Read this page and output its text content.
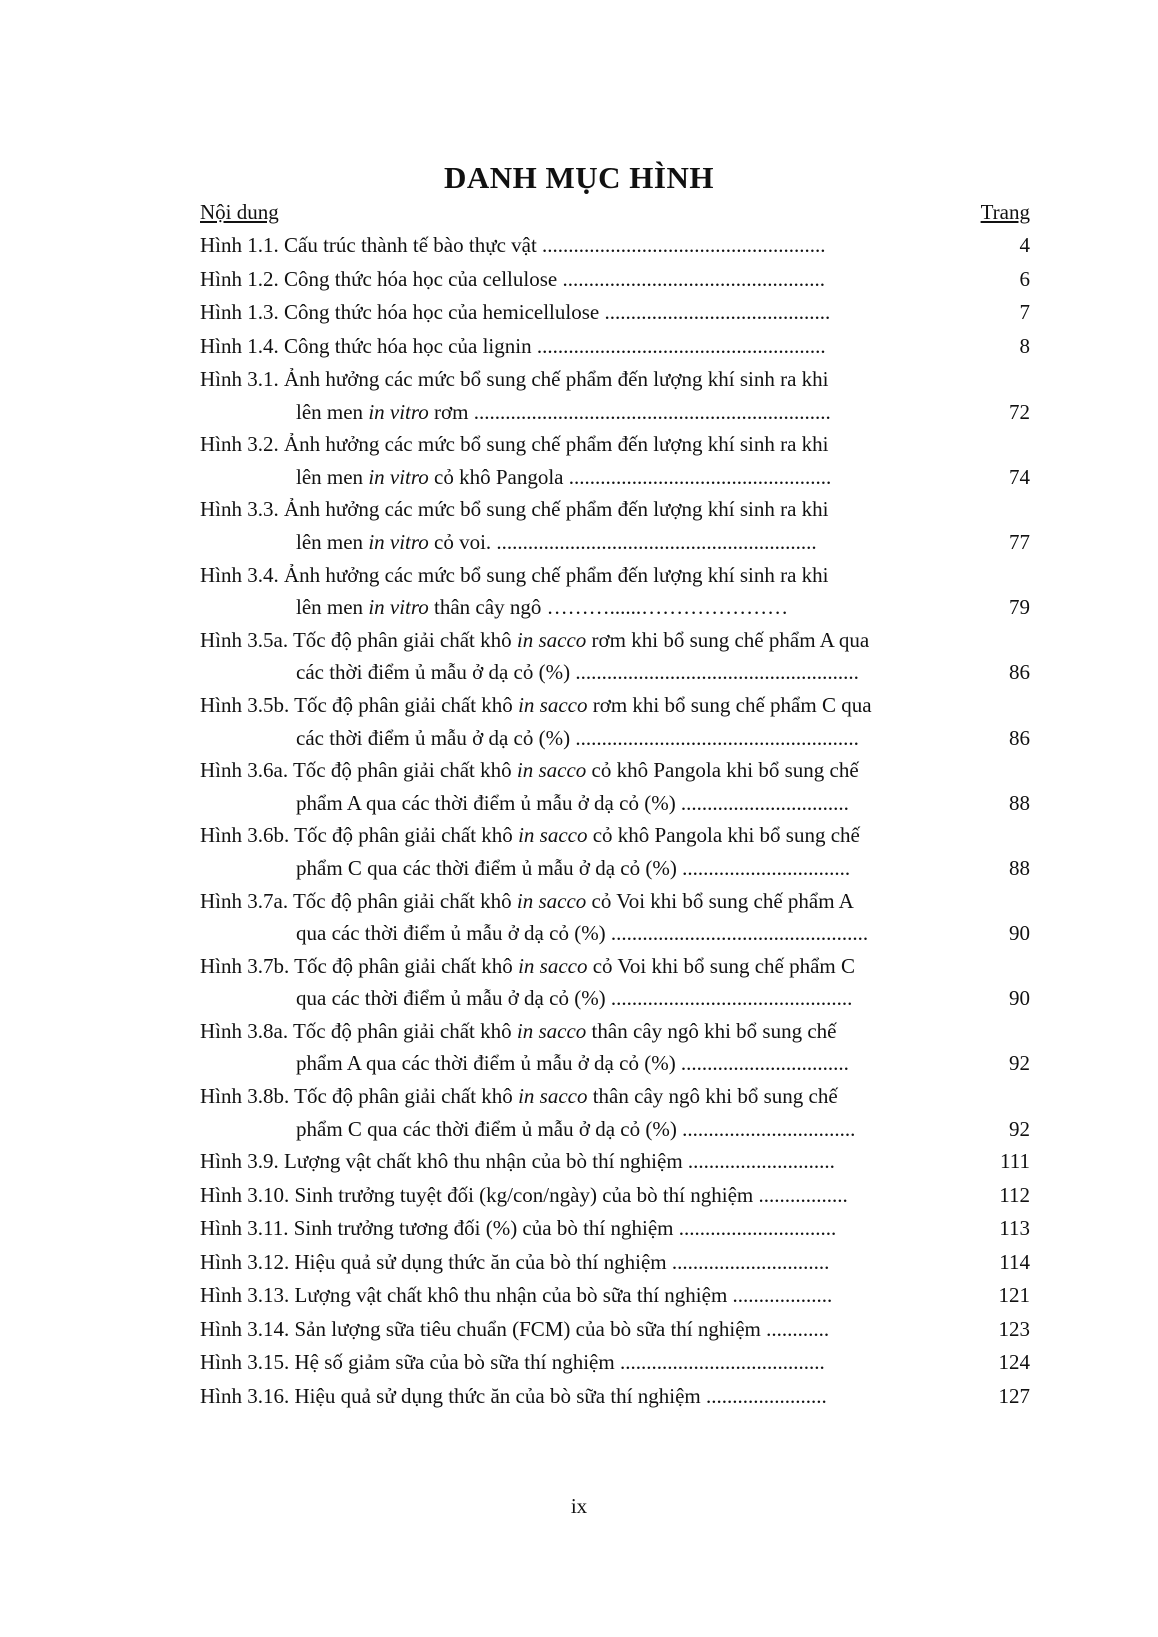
DANH MỤC HÌNH
Nội dung	Trang
Hình 1.1. Cấu trúc thành tế bào thực vật ......................................................	4
Hình 1.2. Công thức hóa học của cellulose ..................................................	6
Hình 1.3. Công thức hóa học của hemicellulose ...........................................	7
Hình 1.4. Công thức hóa học của lignin .......................................................	8
Hình 3.1. Ảnh hưởng các mức bổ sung chế phẩm đến lượng khí sinh ra khi
lên men in vitro rơm ....................................................................	72
Hình 3.2. Ảnh hưởng các mức bổ sung chế phẩm đến lượng khí sinh ra khi
lên men in vitro cỏ khô Pangola ..................................................	74
Hình 3.3. Ảnh hưởng các mức bổ sung chế phẩm đến lượng khí sinh ra khi
lên men in vitro cỏ voi. .............................................................	77
Hình 3.4. Ảnh hưởng các mức bổ sung chế phẩm đến lượng khí sinh ra khi
lên men in vitro thân cây ngô ………......…………………	79
Hình 3.5a. Tốc độ phân giải chất khô in sacco rơm khi bổ sung chế phẩm A qua
các thời điểm ủ mẫu ở dạ cỏ (%) ......................................................	86
Hình 3.5b. Tốc độ phân giải chất khô in sacco rơm khi bổ sung chế phẩm C qua
các thời điểm ủ mẫu ở dạ cỏ (%) ......................................................	86
Hình 3.6a. Tốc độ phân giải chất khô in sacco cỏ khô Pangola khi bổ sung chế
phẩm A qua các thời điểm ủ mẫu ở dạ cỏ (%) ................................	88
Hình 3.6b. Tốc độ phân giải chất khô in sacco cỏ khô Pangola khi bổ sung chế
phẩm C qua các thời điểm ủ mẫu ở dạ cỏ (%) ................................	88
Hình 3.7a. Tốc độ phân giải chất khô in sacco cỏ Voi khi bổ sung chế phẩm A
qua các thời điểm ủ mẫu ở dạ cỏ (%) .................................................	90
Hình 3.7b. Tốc độ phân giải chất khô in sacco cỏ Voi khi bổ sung chế phẩm C
qua các thời điểm ủ mẫu ở dạ cỏ (%) ..............................................	90
Hình 3.8a. Tốc độ phân giải chất khô in sacco thân cây ngô khi bổ sung chế
phẩm A qua các thời điểm ủ mẫu ở dạ cỏ (%) ................................	92
Hình 3.8b. Tốc độ phân giải chất khô in sacco thân cây ngô khi bổ sung chế
phẩm C qua các thời điểm ủ mẫu ở dạ cỏ (%) .................................	92
Hình 3.9. Lượng vật chất khô thu nhận của bò thí nghiệm ............................	111
Hình 3.10. Sinh trưởng tuyệt đối (kg/con/ngày) của bò thí nghiệm .................	112
Hình 3.11. Sinh trưởng tương đối (%) của bò thí nghiệm ..............................	113
Hình 3.12. Hiệu quả sử dụng thức ăn của bò thí nghiệm ..............................	114
Hình 3.13. Lượng vật chất khô thu nhận của bò sữa thí nghiệm ...................	121
Hình 3.14. Sản lượng sữa tiêu chuẩn (FCM) của bò sữa thí nghiệm ............	123
Hình 3.15. Hệ số giảm sữa của bò sữa thí nghiệm .......................................	124
Hình 3.16. Hiệu quả sử dụng thức ăn của bò sữa thí nghiệm .......................	127
ix
